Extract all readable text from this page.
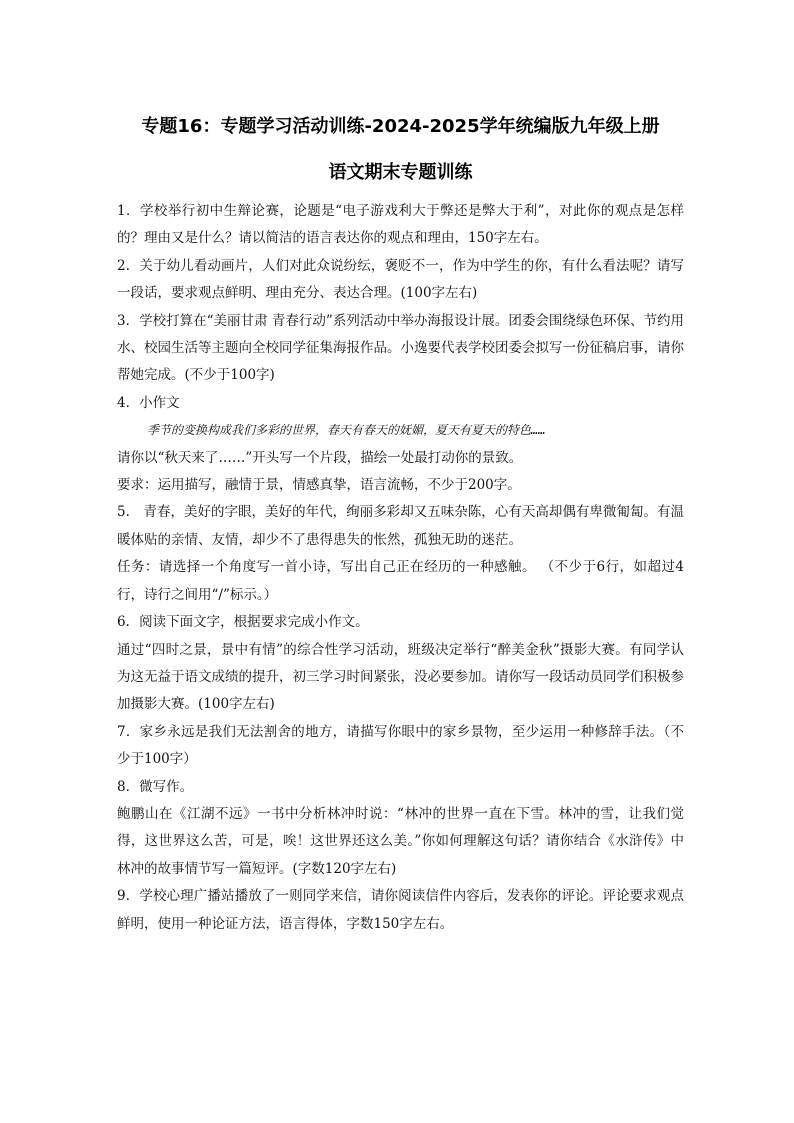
专题16：专题学习活动训练-2024-2025学年统编版九年级上册
语文期末专题训练

1．学校举行初中生辩论赛，论题是“电子游戏利大于弊还是弊大于利”，对此你的观点是怎样的？理由又是什么？请以简洁的语言表达你的观点和理由，150字左右。

2．关于幼儿看动画片，人们对此众说纷纭，褒贬不一，作为中学生的你，有什么看法呢？请写一段话，要求观点鲜明、理由充分、表达合理。(100字左右)

3．学校打算在“美丽甘肃 青春行动”系列活动中举办海报设计展。团委会围绕绿色环保、节约用水、校园生活等主题向全校同学征集海报作品。小逸要代表学校团委会拟写一份征稿启事，请你帮她完成。(不少于100字)

4．小作文

季节的变换构成我们多彩的世界，春天有春天的妩媚，夏天有夏天的特色……

请你以“秋天来了……”开头写一个片段，描绘一处最打动你的景致。

要求：运用描写，融情于景，情感真挚，语言流畅，不少于200字。

5． 青春，美好的字眼，美好的年代，绚丽多彩却又五味杂陈，心有天高却偶有卑微匍匐。有温暖体贴的亲情、友情，却少不了患得患失的怅然，孤独无助的迷茫。

任务：请选择一个角度写一首小诗，写出自己正在经历的一种感触。 （不少于6行，如超过4行，诗行之间用“/”标示。）

6．阅读下面文字，根据要求完成小作文。

通过“四时之景，景中有情”的综合性学习活动，班级决定举行“醉美金秋”摄影大赛。有同学认为这无益于语文成绩的提升，初三学习时间紧张，没必要参加。请你写一段话动员同学们积极参加摄影大赛。(100字左右)

7．家乡永远是我们无法割舍的地方，请描写你眼中的家乡景物，至少运用一种修辞手法。（不少于100字）

8．微写作。

鲍鹏山在《江湖不远》一书中分析林冲时说：“林冲的世界一直在下雪。林冲的雪，让我们觉得，这世界这么苦，可是，唉！这世界还这么美。”你如何理解这句话？请你结合《水浒传》中林冲的故事情节写一篇短评。(字数120字左右)

9．学校心理广播站播放了一则同学来信，请你阅读信件内容后，发表你的评论。评论要求观点鲜明，使用一种论证方法，语言得体，字数150字左右。
